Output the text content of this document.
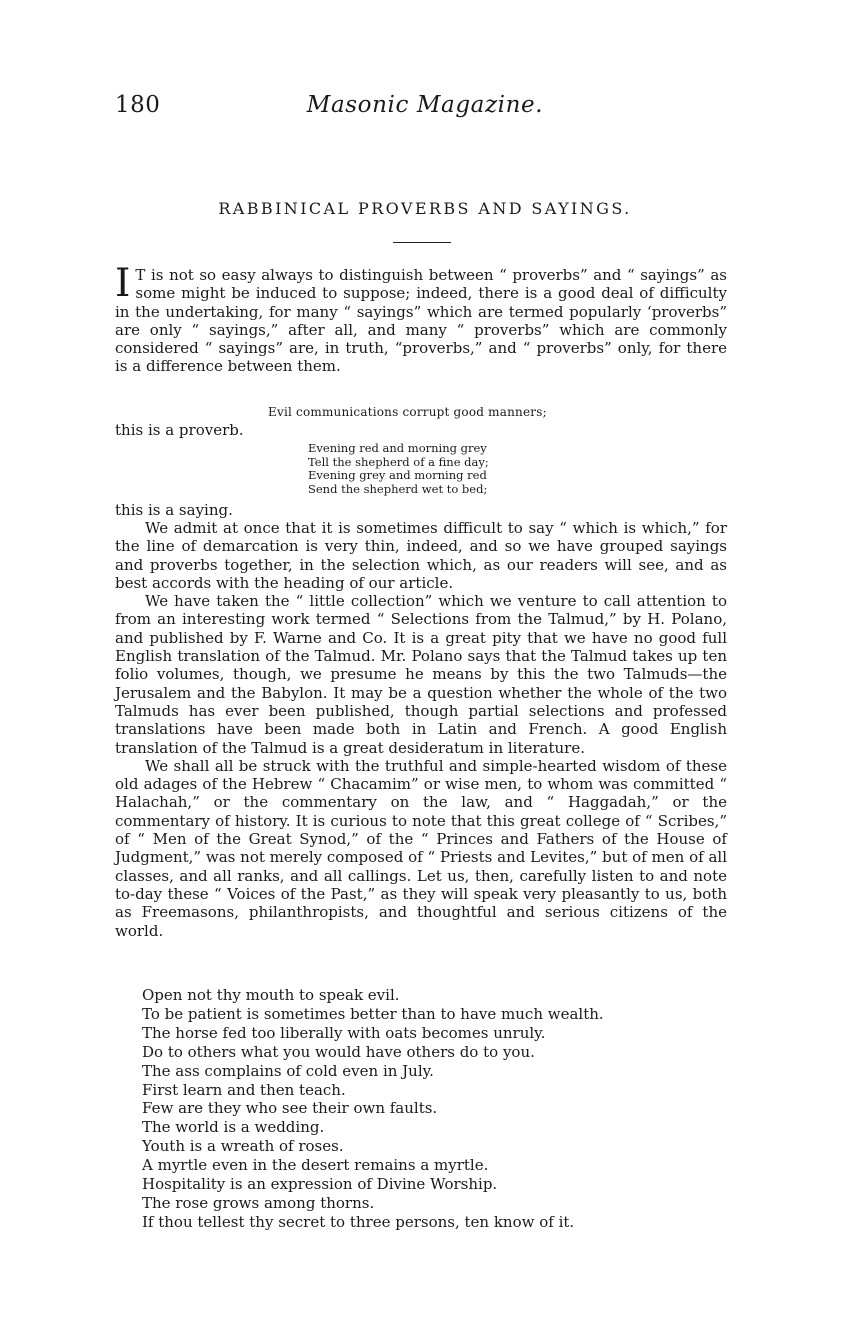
180	Masonic Magazine.
RABBINICAL PROVERBS AND SAYINGS.

I T is not so easy always to distinguish between “ proverbs” and “ sayings” as some might be induced to suppose; indeed, there is a good deal of difficulty in the undertaking, for many “ sayings” which are termed popularly ‘proverbs” are only “ sayings,” after all, and many “ proverbs” which are commonly considered “ sayings” are, in truth, “proverbs,” and “ proverbs” only, for there is a difference between them.

Evil communications corrupt good manners;
this is a proverb.
Evening red and morning grey
Tell the shepherd of a fine day;
Evening grey and morning red
Send the shepherd wet to bed;
this is a saying.

We admit at once that it is sometimes difficult to say “ which is which,” for the line of demarcation is very thin, indeed, and so we have grouped sayings and proverbs together, in the selection which, as our readers will see, and as best accords with the heading of our article.

We have taken the “ little collection” which we venture to call attention to from an interesting work termed “ Selections from the Talmud,” by H. Polano, and published by F. Warne and Co. It is a great pity that we have no good full English translation of the Talmud. Mr. Polano says that the Talmud takes up ten folio volumes, though, we presume he means by this the two Talmuds—the Jerusalem and the Babylon. It may be a question whether the whole of the two Talmuds has ever been published, though partial selections and professed translations have been made both in Latin and French. A good English translation of the Talmud is a great desideratum in literature.

We shall all be struck with the truthful and simple-hearted wisdom of these old adages of the Hebrew “ Chacamim” or wise men, to whom was committed “ Halachah,” or the commentary on the law, and “ Haggadah,” or the commentary of history. It is curious to note that this great college of “ Scribes,” of “ Men of the Great Synod,” of the “ Princes and Fathers of the House of Judgment,” was not merely composed of “ Priests and Levites,” but of men of all classes, and all ranks, and all callings. Let us, then, carefully listen to and note to-day these “ Voices of the Past,” as they will speak very pleasantly to us, both as Freemasons, philanthropists, and thoughtful and serious citizens of the world.

Open not thy mouth to speak evil.
To be patient is sometimes better than to have much wealth.
The horse fed too liberally with oats becomes unruly.
Do to others what you would have others do to you.
The ass complains of cold even in July.
First learn and then teach.
Few are they who see their own faults.
The world is a wedding.
Youth is a wreath of roses.
A myrtle even in the desert remains a myrtle.
Hospitality is an expression of Divine Worship.
The rose grows among thorns.
If thou tellest thy secret to three persons, ten know of it.
